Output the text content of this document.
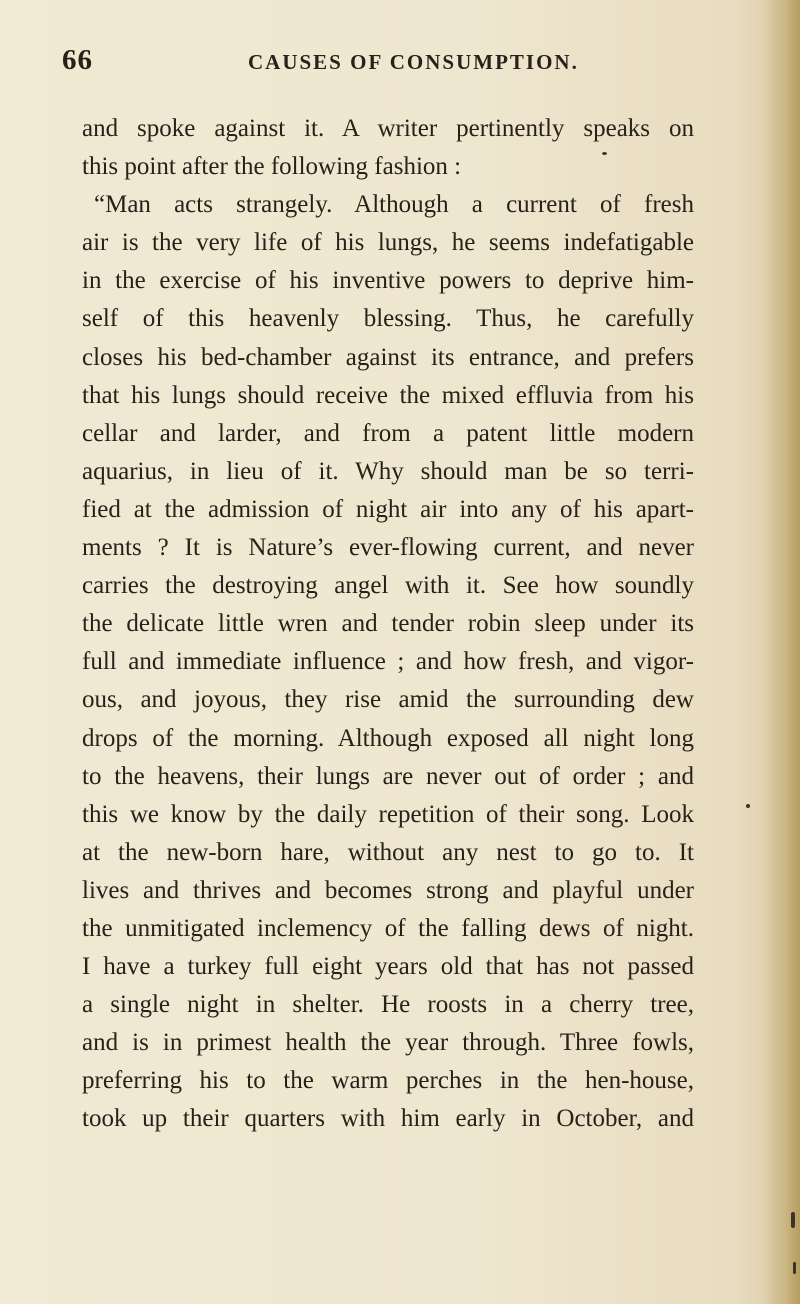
66	CAUSES OF CONSUMPTION.
and spoke against it. A writer pertinently speaks on
this point after the following fashion :
“Man acts strangely. Although a current of fresh
air is the very life of his lungs, he seems indefatigable
in the exercise of his inventive powers to deprive him-
self of this heavenly blessing. Thus, he carefully
closes his bed-chamber against its entrance, and prefers
that his lungs should receive the mixed effluvia from his
cellar and larder, and from a patent little modern
aquarius, in lieu of it. Why should man be so terri-
fied at the admission of night air into any of his apart-
ments ? It is Nature’s ever-flowing current, and never
carries the destroying angel with it. See how soundly
the delicate little wren and tender robin sleep under its
full and immediate influence ; and how fresh, and vigor-
ous, and joyous, they rise amid the surrounding dew
drops of the morning. Although exposed all night long
to the heavens, their lungs are never out of order ; and
this we know by the daily repetition of their song. Look
at the new-born hare, without any nest to go to. It
lives and thrives and becomes strong and playful under
the unmitigated inclemency of the falling dews of night.
I have a turkey full eight years old that has not passed
a single night in shelter. He roosts in a cherry tree,
and is in primest health the year through. Three fowls,
preferring his to the warm perches in the hen-house,
took up their quarters with him early in October, and
